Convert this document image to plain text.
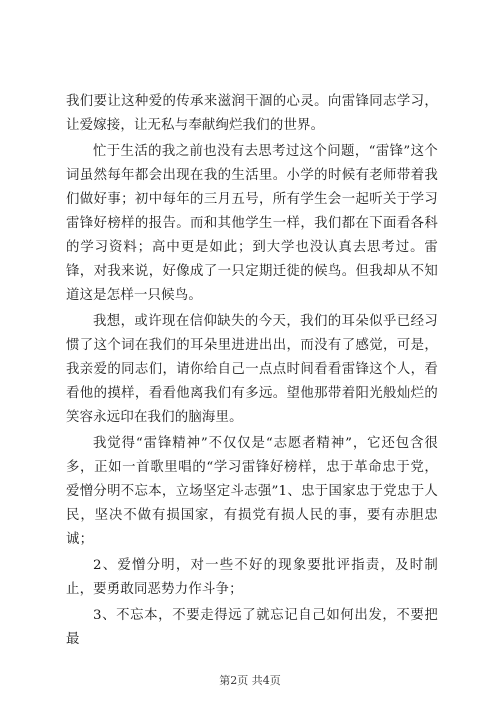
我们要让这种爱的传承来滋润干涸的心灵。向雷锋同志学习，让爱嫁接，让无私与奉献绚烂我们的世界。

忙于生活的我之前也没有去思考过这个问题，“雷锋”这个词虽然每年都会出现在我的生活里。小学的时候有老师带着我们做好事；初中每年的三月五号，所有学生会一起听关于学习雷锋好榜样的报告。而和其他学生一样，我们都在下面看各科的学习资料；高中更是如此；到大学也没认真去思考过。雷锋，对我来说，好像成了一只定期迁徙的候鸟。但我却从不知道这是怎样一只候鸟。

我想，或许现在信仰缺失的今天，我们的耳朵似乎已经习惯了这个词在我们的耳朵里进进出出，而没有了感觉，可是，我亲爱的同志们，请你给自己一点点时间看看雷锋这个人，看看他的摸样，看看他离我们有多远。望他那带着阳光般灿烂的笑容永远印在我们的脑海里。

我觉得“雷锋精神”不仅仅是“志愿者精神”，它还包含很多，正如一首歌里唱的“学习雷锋好榜样，忠于革命忠于党，爱憎分明不忘本，立场坚定斗志强”1、忠于国家忠于党忠于人民，坚决不做有损国家，有损党有损人民的事，要有赤胆忠诚；

2、爱憎分明，对一些不好的现象要批评指责，及时制止，要勇敢同恶势力作斗争；

3、不忘本，不要走得远了就忘记自己如何出发，不要把最

第2页 共4页
